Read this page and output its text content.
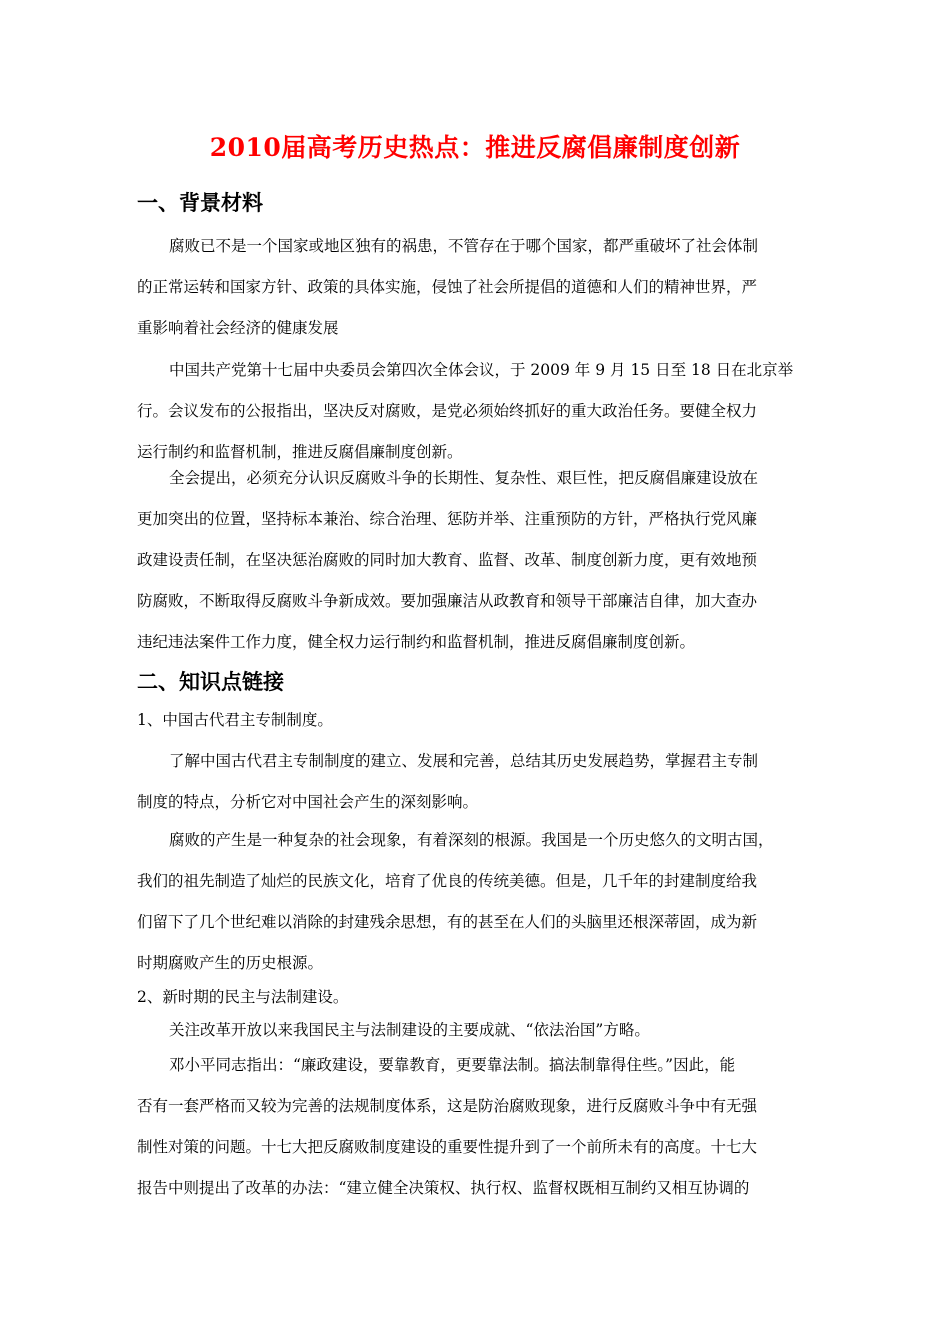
2010届高考历史热点：推进反腐倡廉制度创新
一、背景材料
腐败已不是一个国家或地区独有的祸患，不管存在于哪个国家，都严重破坏了社会体制
的正常运转和国家方针、政策的具体实施，侵蚀了社会所提倡的道德和人们的精神世界，严
重影响着社会经济的健康发展
中国共产党第十七届中央委员会第四次全体会议，于 2009 年 9 月 15 日至 18 日在北京举
行。会议发布的公报指出，坚决反对腐败，是党必须始终抓好的重大政治任务。要健全权力
运行制约和监督机制，推进反腐倡廉制度创新。
全会提出，必须充分认识反腐败斗争的长期性、复杂性、艰巨性，把反腐倡廉建设放在
更加突出的位置，坚持标本兼治、综合治理、惩防并举、注重预防的方针，严格执行党风廉
政建设责任制，在坚决惩治腐败的同时加大教育、监督、改革、制度创新力度，更有效地预
防腐败，不断取得反腐败斗争新成效。要加强廉洁从政教育和领导干部廉洁自律，加大查办
违纪违法案件工作力度，健全权力运行制约和监督机制，推进反腐倡廉制度创新。
二、知识点链接
1、中国古代君主专制制度。
了解中国古代君主专制制度的建立、发展和完善，总结其历史发展趋势，掌握君主专制
制度的特点，分析它对中国社会产生的深刻影响。
腐败的产生是一种复杂的社会现象，有着深刻的根源。我国是一个历史悠久的文明古国，
我们的祖先制造了灿烂的民族文化，培育了优良的传统美德。但是，几千年的封建制度给我
们留下了几个世纪难以消除的封建残余思想，有的甚至在人们的头脑里还根深蒂固，成为新
时期腐败产生的历史根源。
2、新时期的民主与法制建设。
关注改革开放以来我国民主与法制建设的主要成就、“依法治国”方略。
邓小平同志指出：“廉政建设，要靠教育，更要靠法制。搞法制靠得住些。”因此，能
否有一套严格而又较为完善的法规制度体系，这是防治腐败现象，进行反腐败斗争中有无强
制性对策的问题。十七大把反腐败制度建设的重要性提升到了一个前所未有的高度。十七大
报告中则提出了改革的办法：“建立健全决策权、执行权、监督权既相互制约又相互协调的
